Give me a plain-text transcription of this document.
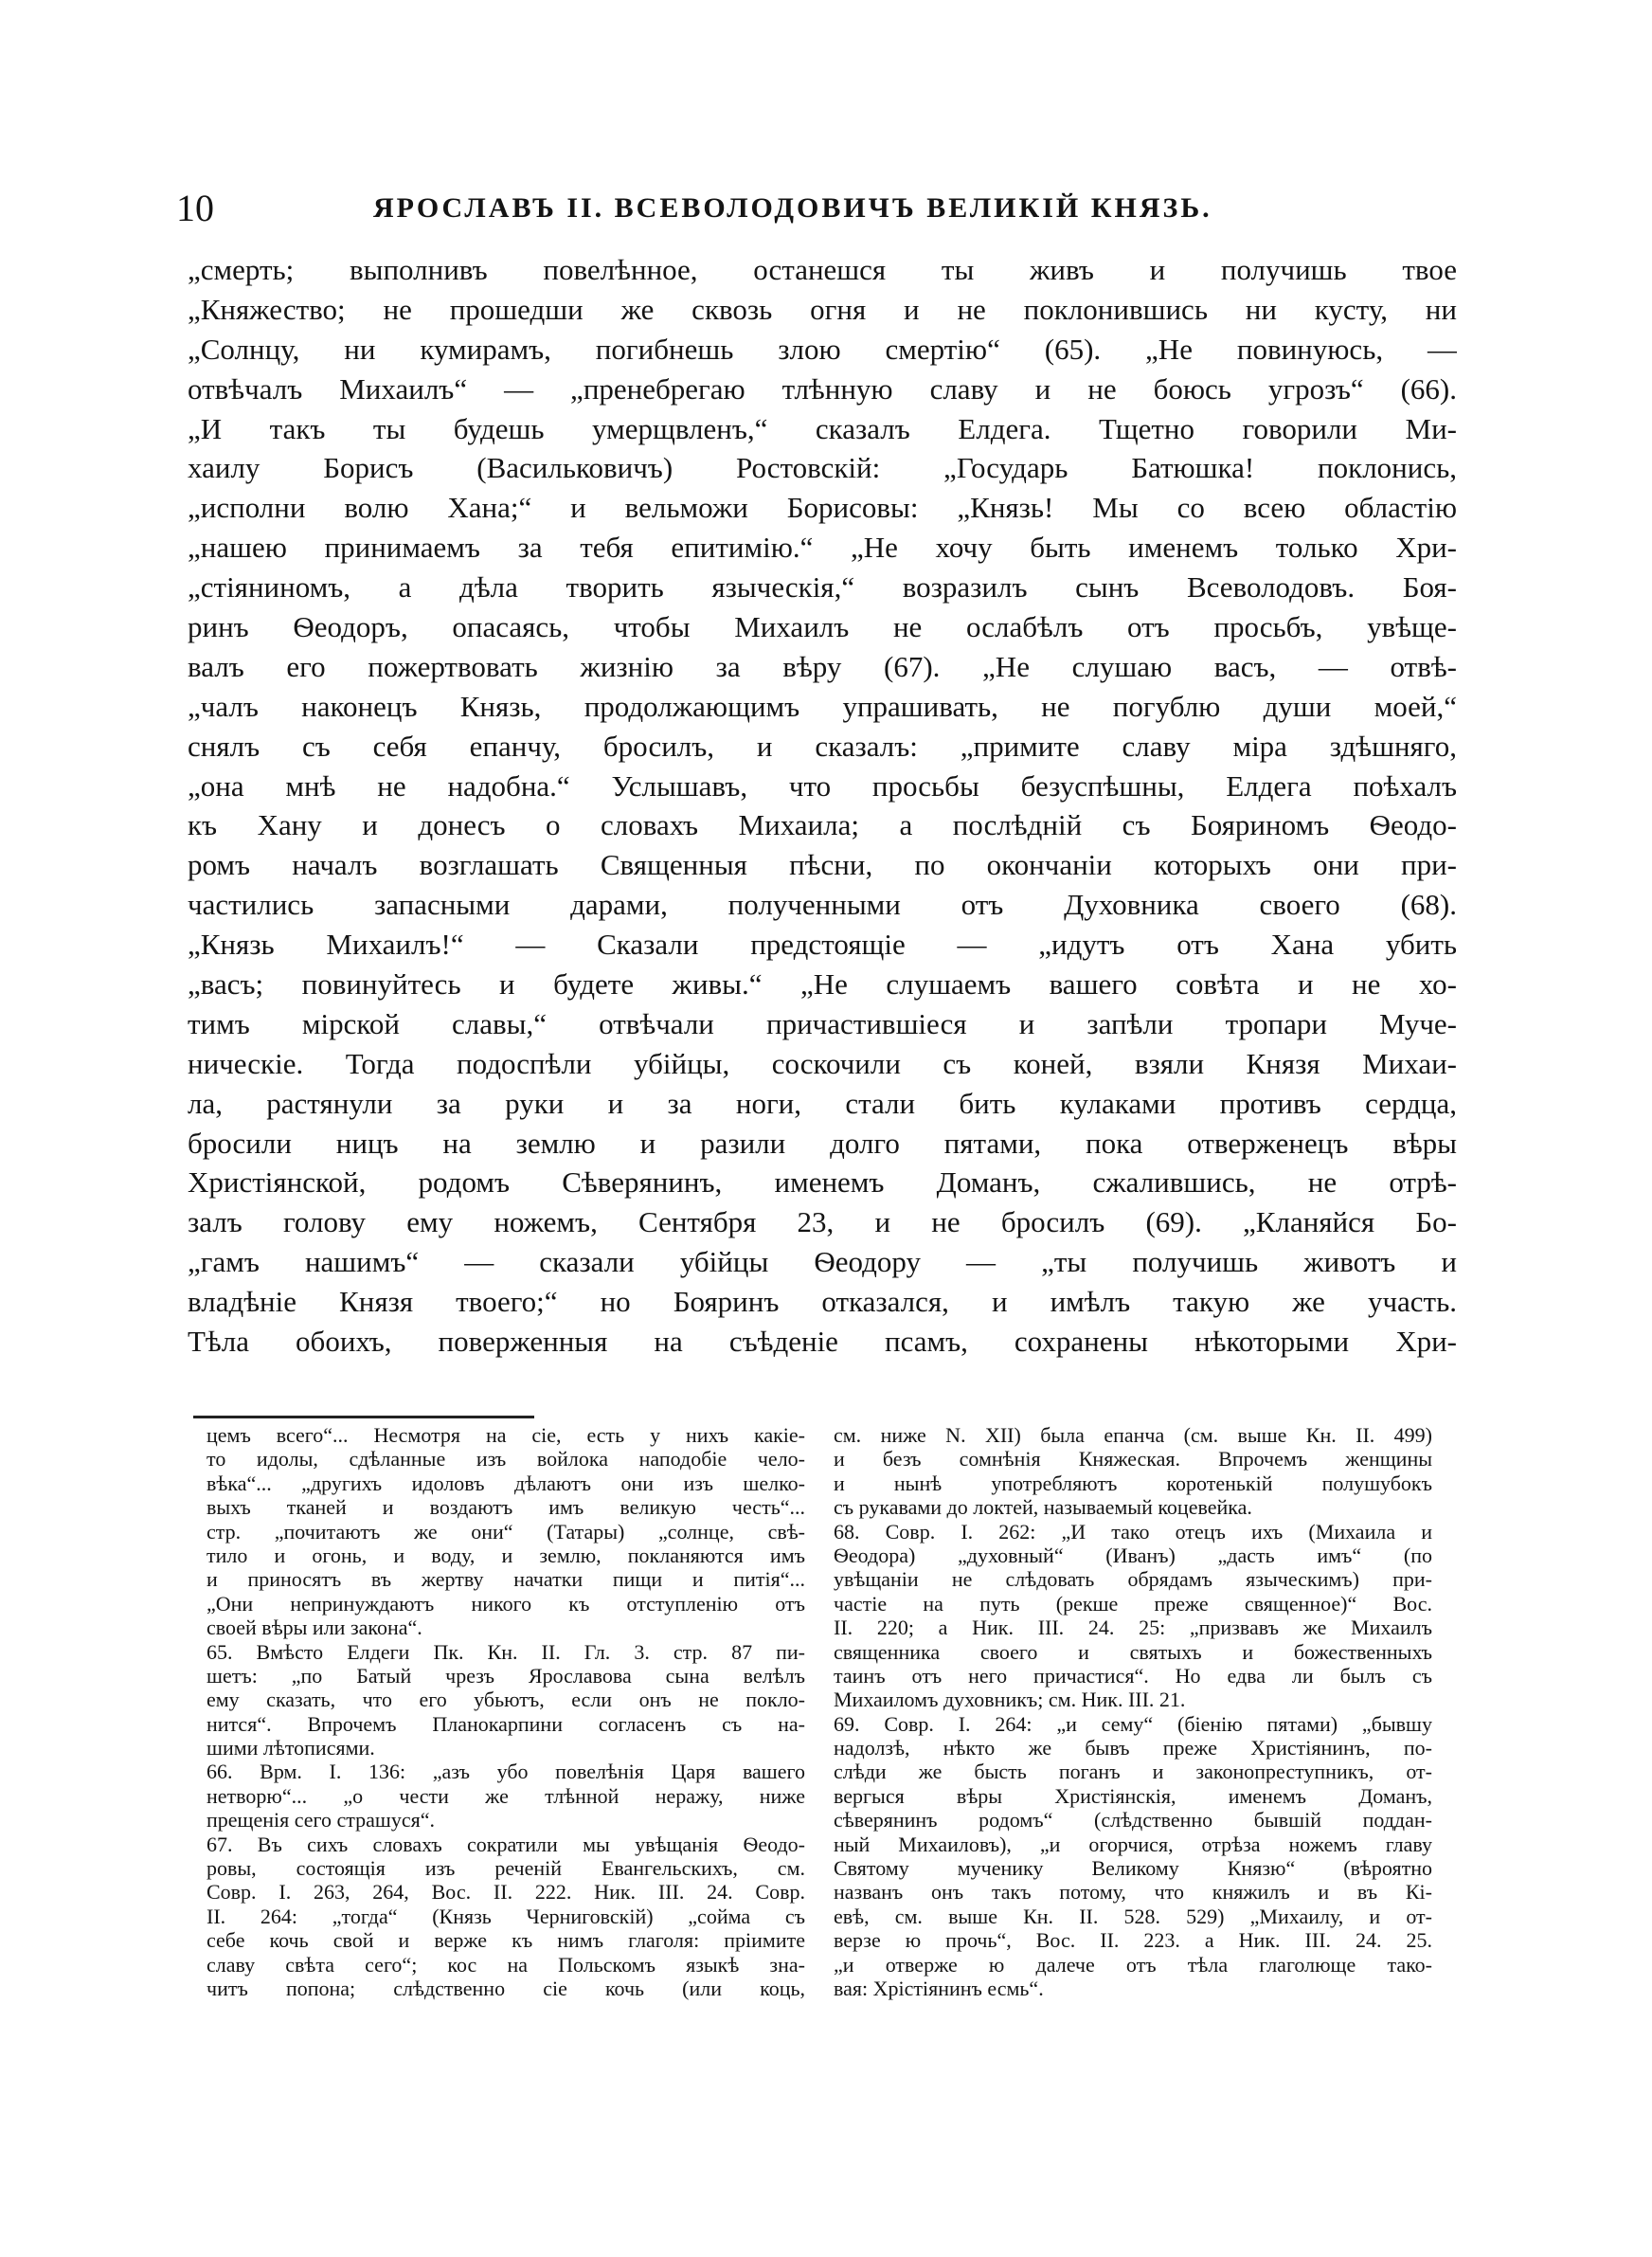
10	ЯРОСЛАВЪ II. ВСЕВОЛОДОВИЧЪ ВЕЛИКІЙ КНЯЗЬ.
„смерть; выполнивъ повелѣнное, останешся ты живъ и получишь твое
„Княжество; не прошедши же сквозь огня и не поклонившись ни кусту, ни
„Солнцу, ни кумирамъ, погибнешь злою смертію“ (65). „Не повинуюсь, —
отвѣчалъ Михаилъ“ — „пренебрегаю тлѣнную славу и не боюсь угрозъ“ (66).
„И такъ ты будешь умерщвленъ,“ сказалъ Елдега. Тщетно говорили Ми-
хаилу Борисъ (Васильковичъ) Ростовскій: „Государь Батюшка! поклонись,
„исполни волю Хана;“ и вельможи Борисовы: „Князь! Мы со всею областію
„нашею принимаемъ за тебя епитимію.“ „Не хочу быть именемъ только Хри-
„стіяниномъ, а дѣла творить языческія,“ возразилъ сынъ Всеволодовъ. Боя-
ринъ Ѳеодоръ, опасаясь, чтобы Михаилъ не ослабѣлъ отъ просьбъ, увѣще-
валъ его пожертвовать жизнію за вѣру (67). „Не слушаю васъ, — отвѣ-
„чалъ наконецъ Князь, продолжающимъ упрашивать, не погублю души моей,“
снялъ съ себя епанчу, бросилъ, и сказалъ: „примите славу міра здѣшняго,
„она мнѣ не надобна.“ Услышавъ, что просьбы безуспѣшны, Елдега поѣхалъ
къ Хану и донесъ о словахъ Михаила; а послѣдній съ Бояриномъ Ѳеодо-
ромъ началъ возглашать Священныя пѣсни, по окончаніи которыхъ они при-
частились запасными дарами, полученными отъ Духовника своего (68).
„Князь Михаилъ!“ — Сказали предстоящіе — „идутъ отъ Хана убить
„васъ; повинуйтесь и будете живы.“ „Не слушаемъ вашего совѣта и не хо-
тимъ мірской славы,“ отвѣчали причастившіеся и запѣли тропари Муче-
ническіе. Тогда подоспѣли убійцы, соскочили съ коней, взяли Князя Михаи-
ла, растянули за руки и за ноги, стали бить кулаками противъ сердца,
бросили ницъ на землю и разили долго пятами, пока отверженецъ вѣры
Христіянской, родомъ Сѣверянинъ, именемъ Доманъ, сжалившись, не отрѣ-
залъ голову ему ножемъ, Сентября 23, и не бросилъ (69). „Кланяйся Бо-
„гамъ нашимъ“ — сказали убійцы Ѳеодору — „ты получишь животъ и
владѣніе Князя твоего;“ но Бояринъ отказался, и имѣлъ такую же участь.
Тѣла обоихъ, поверженныя на съѣденіе псамъ, сохранены нѣкоторыми Хри-
цемъ всего“... Несмотря на сіе, есть у нихъ какіе-
то идолы, сдѣланные изъ войлока наподобіе чело-
вѣка“... „другихъ идоловъ дѣлаютъ они изъ шелко-
выхъ тканей и воздаютъ имъ великую честь“...
стр. „почитаютъ же они“ (Татары) „солнце, свѣ-
тило и огонь, и воду, и землю, покланяются имъ
и приносятъ въ жертву начатки пищи и питія“...
„Они непринуждаютъ никого къ отступленію отъ
своей вѣры или закона“.
65. Вмѣсто Елдеги Пк. Кн. II. Гл. 3. стр. 87 пи-
шетъ: „по Батый чрезъ Ярославова сына велѣлъ
ему сказать, что его убьютъ, если онъ не покло-
нится“. Впрочемъ Планокарпини согласенъ съ на-
шими лѣтописями.
66. Врм. I. 136: „азъ убо повелѣнія Царя вашего
нетворю“... „о чести же тлѣнной неражу, ниже
прещенія сего страшуся“.
67. Въ сихъ словахъ сократили мы увѣщанія Ѳеодо-
ровы, состоящія изъ реченій Евангельскихъ, см.
Совр. I. 263, 264, Вос. II. 222. Ник. III. 24. Совр.
II. 264: „тогда“ (Князь Черниговскій) „сойма съ
себе кочь свой и верже къ нимъ глаголя: пріимите
славу свѣта сего“; кос на Польскомъ языкѣ зна-
читъ попона; слѣдственно сіе кочь (или коць,
см. ниже N. XII) была епанча (см. выше Кн. II. 499)
и безъ сомнѣнія Княжеская. Впрочемъ женщины
и нынѣ употребляютъ коротенькій полушубокъ
съ рукавами до локтей, называемый коцевейка.
68. Совр. I. 262: „И тако отецъ ихъ (Михаила и
Ѳеодора) „духовный“ (Иванъ) „дасть имъ“ (по
увѣщаніи не слѣдовать обрядамъ языческимъ) при-
частіе на путь (рекше преже священное)“ Вос.
II. 220; а Ник. III. 24. 25: „призвавъ же Михаилъ
священника своего и святыхъ и божественныхъ
таинъ отъ него причастися“. Но едва ли былъ съ
Михаиломъ духовникъ; см. Ник. III. 21.
69. Совр. I. 264: „и сему“ (біенію пятами) „бывшу
надолзѣ, нѣкто же бывъ преже Христіянинъ, по-
слѣди же бысть поганъ и законопреступникъ, от-
вергыся вѣры Христіянскія, именемъ Доманъ,
сѣверянинъ родомъ“ (слѣдственно бывшій поддан-
ный Михаиловъ), „и огорчися, отрѣза ножемъ главу
Святому мученику Великому Князю“ (вѣроятно
названъ онъ такъ потому, что княжилъ и въ Кі-
евѣ, см. выше Кн. II. 528. 529) „Михаилу, и от-
верзе ю прочь“, Вос. II. 223. а Ник. III. 24. 25.
„и отверже ю далече отъ тѣла глаголюще тако-
вая: Хрістіянинъ есмь“.
